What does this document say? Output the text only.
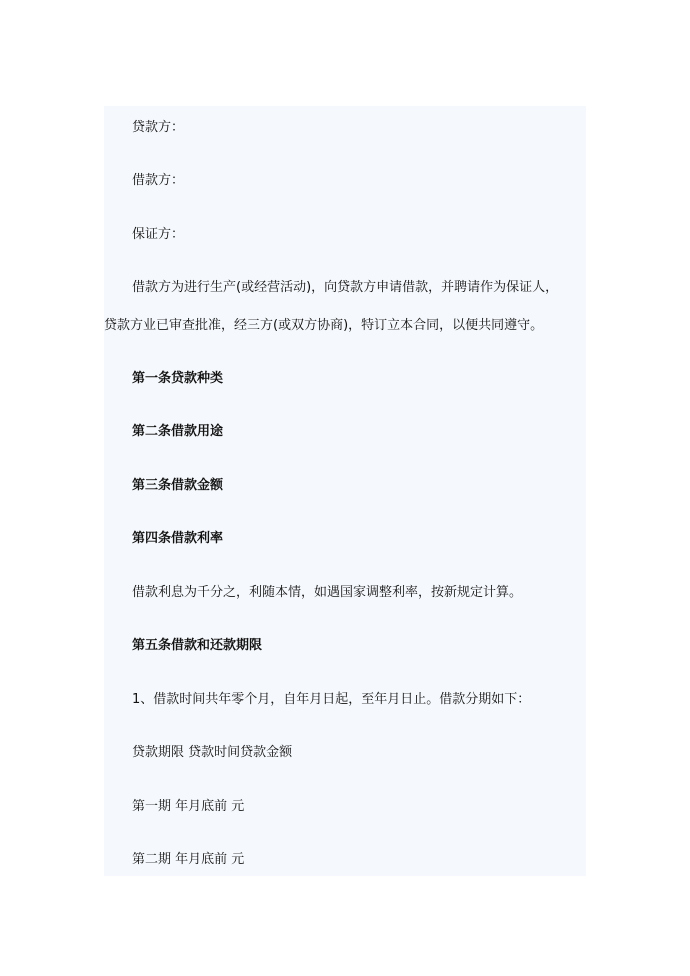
贷款方：

借款方：

保证方：

借款方为进行生产(或经营活动)，向贷款方申请借款，并聘请作为保证人，

贷款方业已审查批准，经三方(或双方协商)，特订立本合同，以便共同遵守。

第一条贷款种类

第二条借款用途

第三条借款金额

第四条借款利率

借款利息为千分之，利随本情，如遇国家调整利率，按新规定计算。

第五条借款和还款期限

1、借款时间共年零个月，自年月日起，至年月日止。借款分期如下：

贷款期限 贷款时间贷款金额

第一期 年月底前 元

第二期 年月底前 元
